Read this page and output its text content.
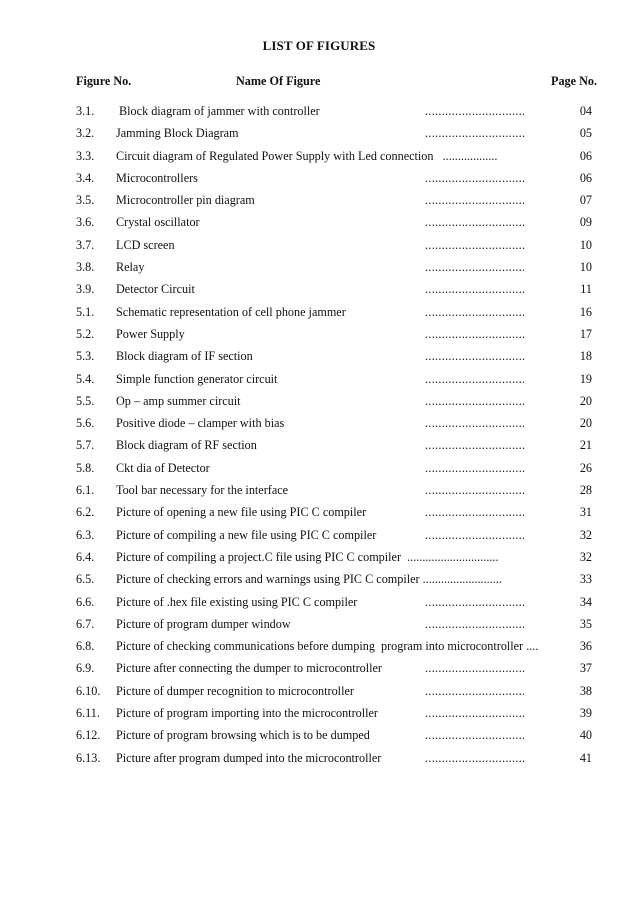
LIST OF FIGURES
Figure No.	Name Of Figure	Page No.
3.1. Block diagram of jammer with controller	..............................	04
3.2. Jamming Block Diagram	..............................	05
3.3. Circuit diagram of Regulated Power Supply with Led connection   ..................	06
3.4. Microcontrollers	..............................	06
3.5. Microcontroller pin diagram	..............................	07
3.6. Crystal oscillator	..............................	09
3.7. LCD screen	..............................	10
3.8. Relay	..............................	10
3.9. Detector Circuit	..............................	11
5.1. Schematic representation of cell phone jammer	..............................	16
5.2. Power Supply	..............................	17
5.3. Block diagram of IF section	..............................	18
5.4. Simple function generator circuit	..............................	19
5.5. Op – amp summer circuit	..............................	20
5.6. Positive diode – clamper with bias	..............................	20
5.7. Block diagram of RF section	..............................	21
5.8. Ckt dia of Detector	..............................	26
6.1. Tool bar necessary for the interface	..............................	28
6.2. Picture of opening a new file using PIC C compiler	..............................	31
6.3. Picture of compiling a new file using PIC C compiler	..............................	32
6.4. Picture of compiling a project.C file using PIC C compiler  ..............................	32
6.5. Picture of checking errors and warnings using PIC C compiler ..........................	33
6.6. Picture of .hex file existing using PIC C compiler	..............................	34
6.7. Picture of program dumper window	..............................	35
6.8. Picture of checking communications before dumping  program into microcontroller ....	36
6.9. Picture after connecting the dumper to microcontroller	..............................	37
6.10. Picture of dumper recognition to microcontroller	..............................	38
6.11. Picture of program importing into the microcontroller	..............................	39
6.12. Picture of program browsing which is to be dumped	..............................	40
6.13. Picture after program dumped into the microcontroller	..............................	41
